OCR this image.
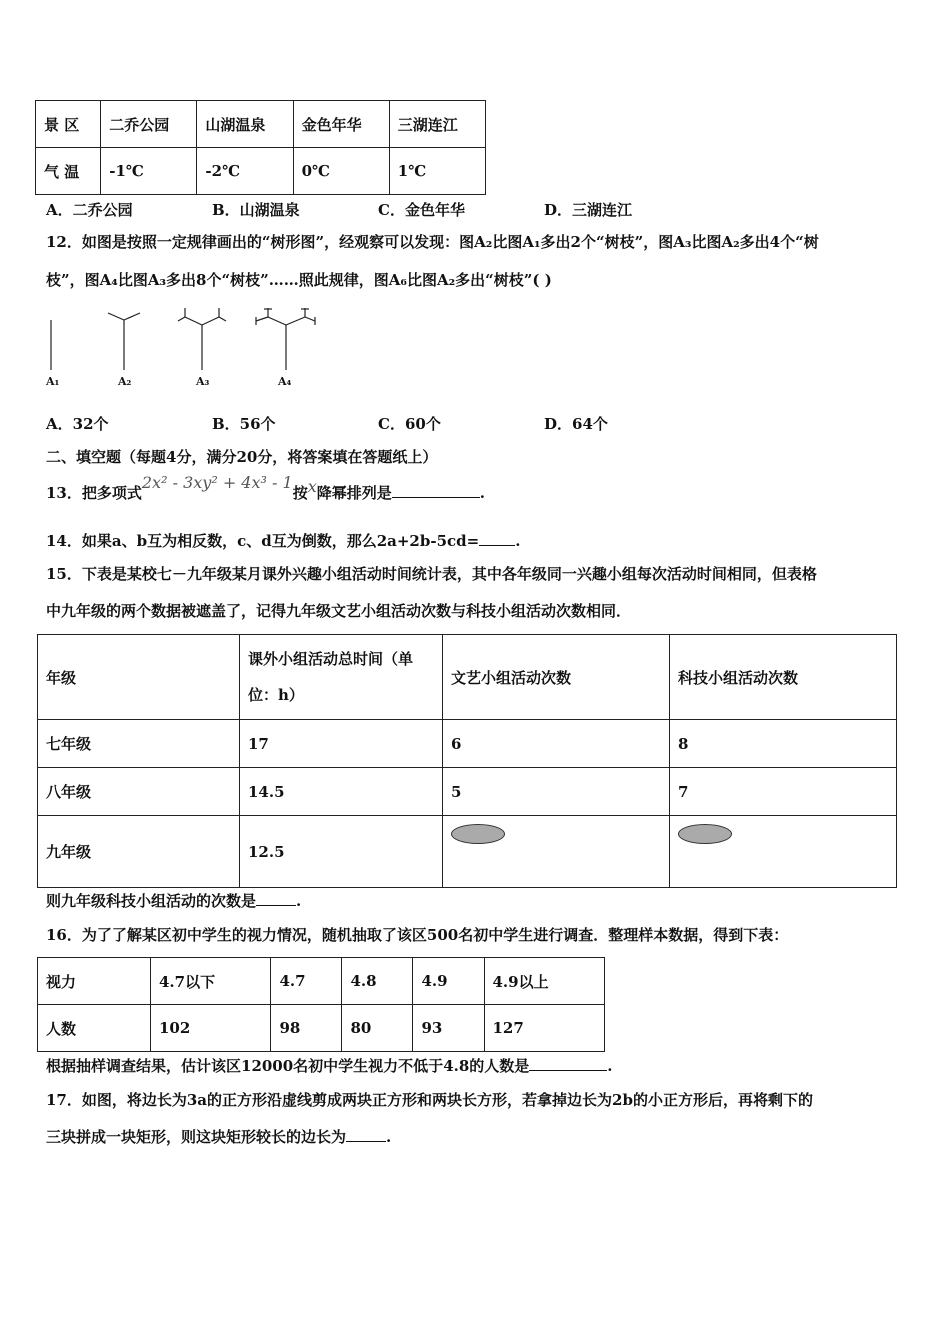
景 区	二乔公园	山湖温泉	金色年华	三湖连江
气 温	-1℃	-2℃	0℃	1℃
A．二乔公园	B．山湖温泉	C．金色年华	D．三湖连江
12．如图是按照一定规律画出的“树形图”，经观察可以发现：图A₂比图A₁多出2个“树枝”，图A₃比图A₂多出4个“树
枝”，图A₄比图A₃多出8个“树枝”……照此规律，图A₆比图A₂多出“树枝”( )
A₁	A₂	A₃	A₄
A．32个	B．56个	C．60个	D．64个
二、填空题（每题4分，满分20分，将答案填在答题纸上）
13．把多项式2x² - 3xy² + 4x³ - 1按x降幂排列是	.
14．如果a、b互为相反数，c、d互为倒数，那么2a+2b-5cd= .
15．下表是某校七－九年级某月课外兴趣小组活动时间统计表，其中各年级同一兴趣小组每次活动时间相同，但表格
中九年级的两个数据被遮盖了，记得九年级文艺小组活动次数与科技小组活动次数相同．
年级	课外小组活动总时间（单位：h）	文艺小组活动次数	科技小组活动次数
七年级	17	6	8
八年级	14.5	5	7
九年级	12.5		
则九年级科技小组活动的次数是	.
16．为了了解某区初中学生的视力情况，随机抽取了该区500名初中学生进行调查．整理样本数据，得到下表：
视力	4.7以下	4.7	4.8	4.9	4.9以上
人数	102	98	80	93	127
根据抽样调查结果，估计该区12000名初中学生视力不低于4.8的人数是	.
17．如图，将边长为3a的正方形沿虚线剪成两块正方形和两块长方形，若拿掉边长为2b的小正方形后，再将剩下的
三块拼成一块矩形，则这块矩形较长的边长为	.
